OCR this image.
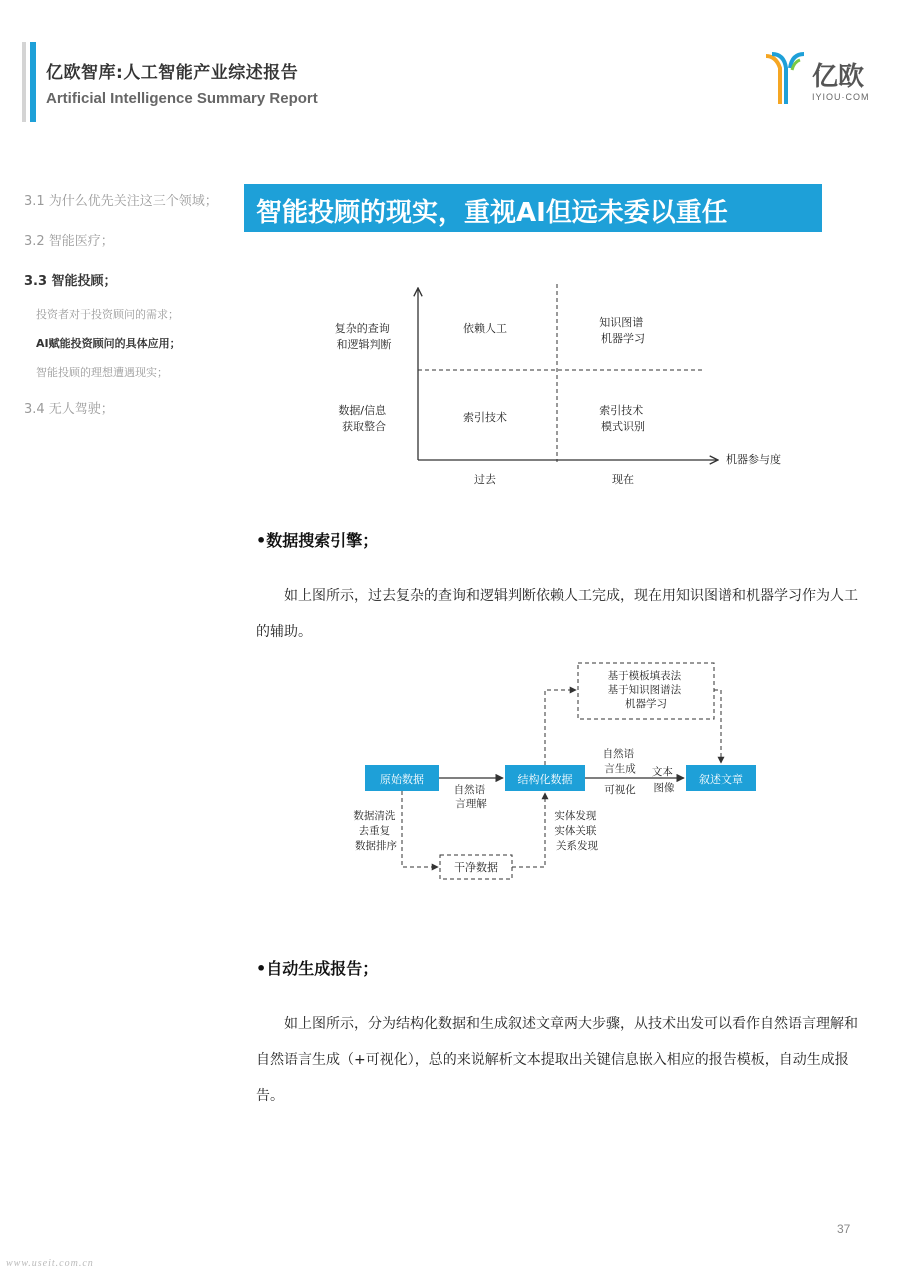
亿欧智库:人工智能产业综述报告
Artificial Intelligence Summary Report
亿欧
IYIOU·COM
3.1 为什么优先关注这三个领域；
3.2 智能医疗；
3.3 智能投顾；
投资者对于投资顾问的需求；
AI赋能投资顾问的具体应用；
智能投顾的理想遭遇现实；
3.4 无人驾驶；
智能投顾的现实，重视AI但远未委以重任
复杂的查询 和逻辑判断
数据/信息 获取整合
依赖人工	知识图谱 机器学习
索引技术
索引技术 模式识别
机器参与度
过去	现在
•数据搜索引擎；
如上图所示，过去复杂的查询和逻辑判断依赖人工完成，现在用知识图谱和机器学习作为人工的辅助。
基于模板填表法 基于知识图谱法 机器学习
原始数据	结构化数据	叙述文章
干净数据
自然语 言理解
自然语 言生成
可视化
文本 图像
数据清洗 去重复 数据排序
实体发现 实体关联 关系发现
•自动生成报告；
如上图所示，分为结构化数据和生成叙述文章两大步骤，从技术出发可以看作自然语言理解和自然语言生成（+可视化），总的来说解析文本提取出关键信息嵌入相应的报告模板，自动生成报告。
37
www.useit.com.cn
